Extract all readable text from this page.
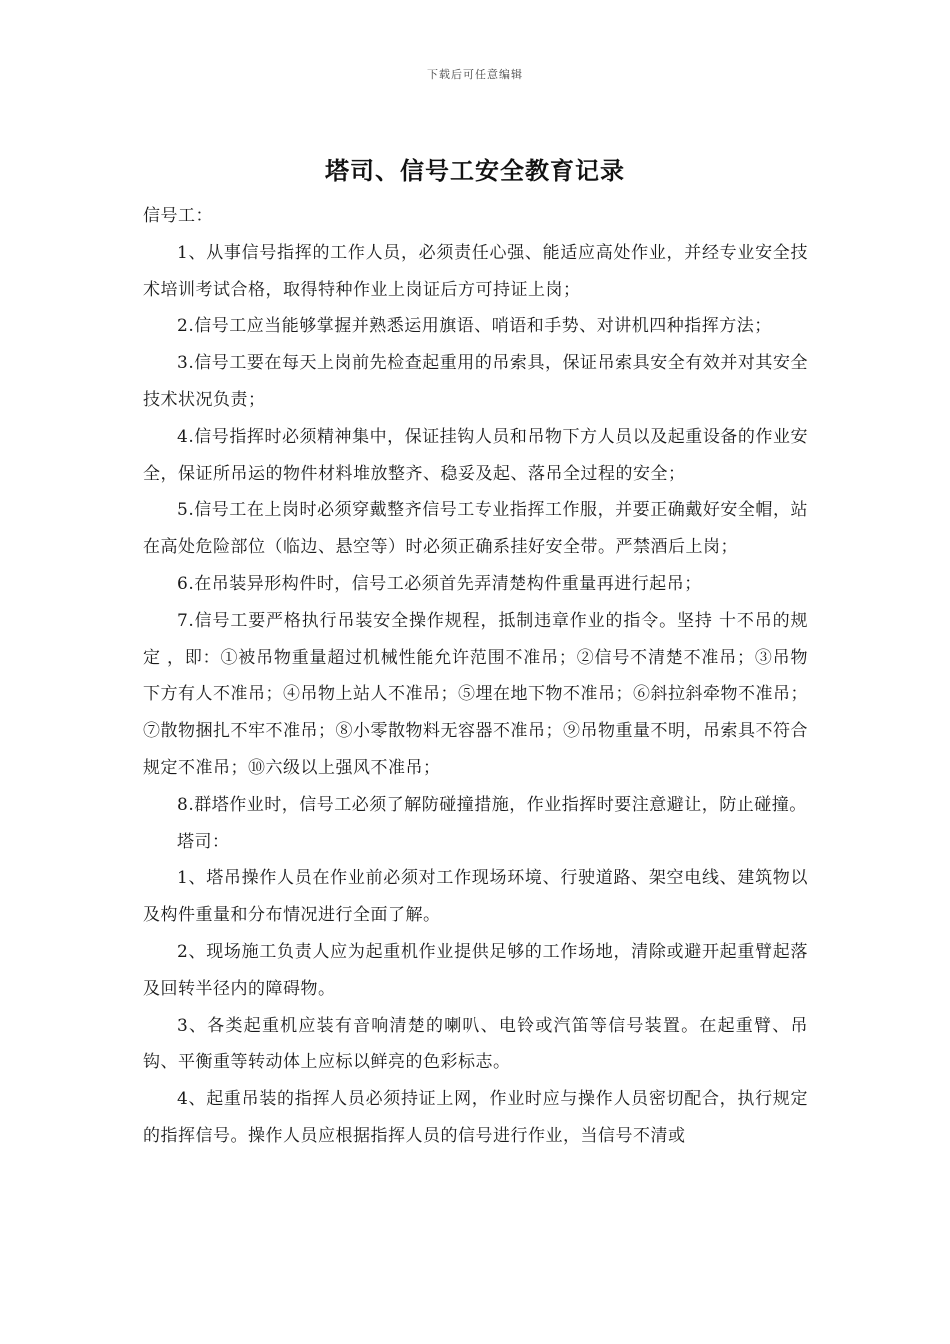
下载后可任意编辑
塔司、信号工安全教育记录

信号工：

1、从事信号指挥的工作人员，必须责任心强、能适应高处作业，并经专业安全技术培训考试合格，取得特种作业上岗证后方可持证上岗；

2.信号工应当能够掌握并熟悉运用旗语、哨语和手势、对讲机四种指挥方法；

3.信号工要在每天上岗前先检查起重用的吊索具，保证吊索具安全有效并对其安全技术状况负责；

4.信号指挥时必须精神集中，保证挂钩人员和吊物下方人员以及起重设备的作业安全，保证所吊运的物件材料堆放整齐、稳妥及起、落吊全过程的安全；

5.信号工在上岗时必须穿戴整齐信号工专业指挥工作服，并要正确戴好安全帽，站在高处危险部位（临边、悬空等）时必须正确系挂好安全带。严禁酒后上岗；

6.在吊装异形构件时，信号工必须首先弄清楚构件重量再进行起吊；

7.信号工要严格执行吊装安全操作规程，抵制违章作业的指令。坚持 十不吊的规定 ，即：①被吊物重量超过机械性能允许范围不准吊；②信号不清楚不准吊；③吊物下方有人不准吊；④吊物上站人不准吊；⑤埋在地下物不准吊；⑥斜拉斜牵物不准吊；⑦散物捆扎不牢不准吊；⑧小零散物料无容器不准吊；⑨吊物重量不明，吊索具不符合规定不准吊；⑩六级以上强风不准吊；

8.群塔作业时，信号工必须了解防碰撞措施，作业指挥时要注意避让，防止碰撞。

塔司：

1、塔吊操作人员在作业前必须对工作现场环境、行驶道路、架空电线、建筑物以及构件重量和分布情况进行全面了解。

2、现场施工负责人应为起重机作业提供足够的工作场地，清除或避开起重臂起落及回转半径内的障碍物。

3、各类起重机应装有音响清楚的喇叭、电铃或汽笛等信号装置。在起重臂、吊钩、平衡重等转动体上应标以鲜亮的色彩标志。

4、起重吊装的指挥人员必须持证上网，作业时应与操作人员密切配合，执行规定的指挥信号。操作人员应根据指挥人员的信号进行作业，当信号不清或
